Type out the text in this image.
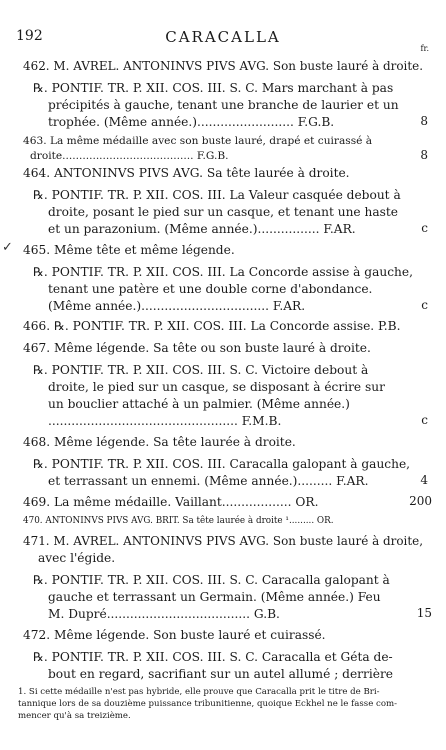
192	CARACALLA
fr.
✓
462. M. AVREL. ANTONINVS PIVS AVG. Son buste lauré à droite.
℞. PONTIF. TR. P. XII. COS. III. S. C. Mars marchant à pas
précipités à gauche, tenant une branche de laurier et un
trophée. (Même année.)......................... F.G.B.
463. La même médaille avec son buste lauré, drapé et cuirassé à
droite....................................... F.G.B.
464. ANTONINVS PIVS AVG. Sa tête laurée à droite.
℞. PONTIF. TR. P. XII. COS. III. La Valeur casquée debout à
droite, posant le pied sur un casque, et tenant une haste
et un parazonium. (Même année.)................ F.AR.
465. Même tête et même légende.
℞. PONTIF. TR. P. XII. COS. III. La Concorde assise à gauche,
tenant une patère et une double corne d'abondance.
(Même année.)................................. F.AR.
466. ℞. PONTIF. TR. P. XII. COS. III. La Concorde assise. P.B.
467. Même légende. Sa tête ou son buste lauré à droite.
℞. PONTIF. TR. P. XII. COS. III. S. C. Victoire debout à
droite, le pied sur un casque, se disposant à écrire sur
un bouclier attaché à un palmier. (Même année.)
................................................. F.M.B.
468. Même légende. Sa tête laurée à droite.
℞. PONTIF. TR. P. XII. COS. III. Caracalla galopant à gauche,
et terrassant un ennemi. (Même année.)......... F.AR.
469. La même médaille. Vaillant.................. OR.
470. ANTONINVS PIVS AVG. BRIT. Sa tête laurée à droite ¹......... OR.
471. M. AVREL. ANTONINVS PIVS AVG. Son buste lauré à droite,
avec l'égide.
℞. PONTIF. TR. P. XII. COS. III. S. C. Caracalla galopant à
gauche et terrassant un Germain. (Même année.) Feu
M. Dupré..................................... G.B.
472. Même légende. Son buste lauré et cuirassé.
℞. PONTIF. TR. P. XII. COS. III. S. C. Caracalla et Géta de-
bout en regard, sacrifiant sur un autel allumé ; derrière
8
8
c
c
c
4
200
15
1. Si cette médaille n'est pas hybride, elle prouve que Caracalla prit le titre de Bri-
tannique lors de sa douzième puissance tribunitienne, quoique Eckhel ne le fasse com-
mencer qu'à sa treizième.
